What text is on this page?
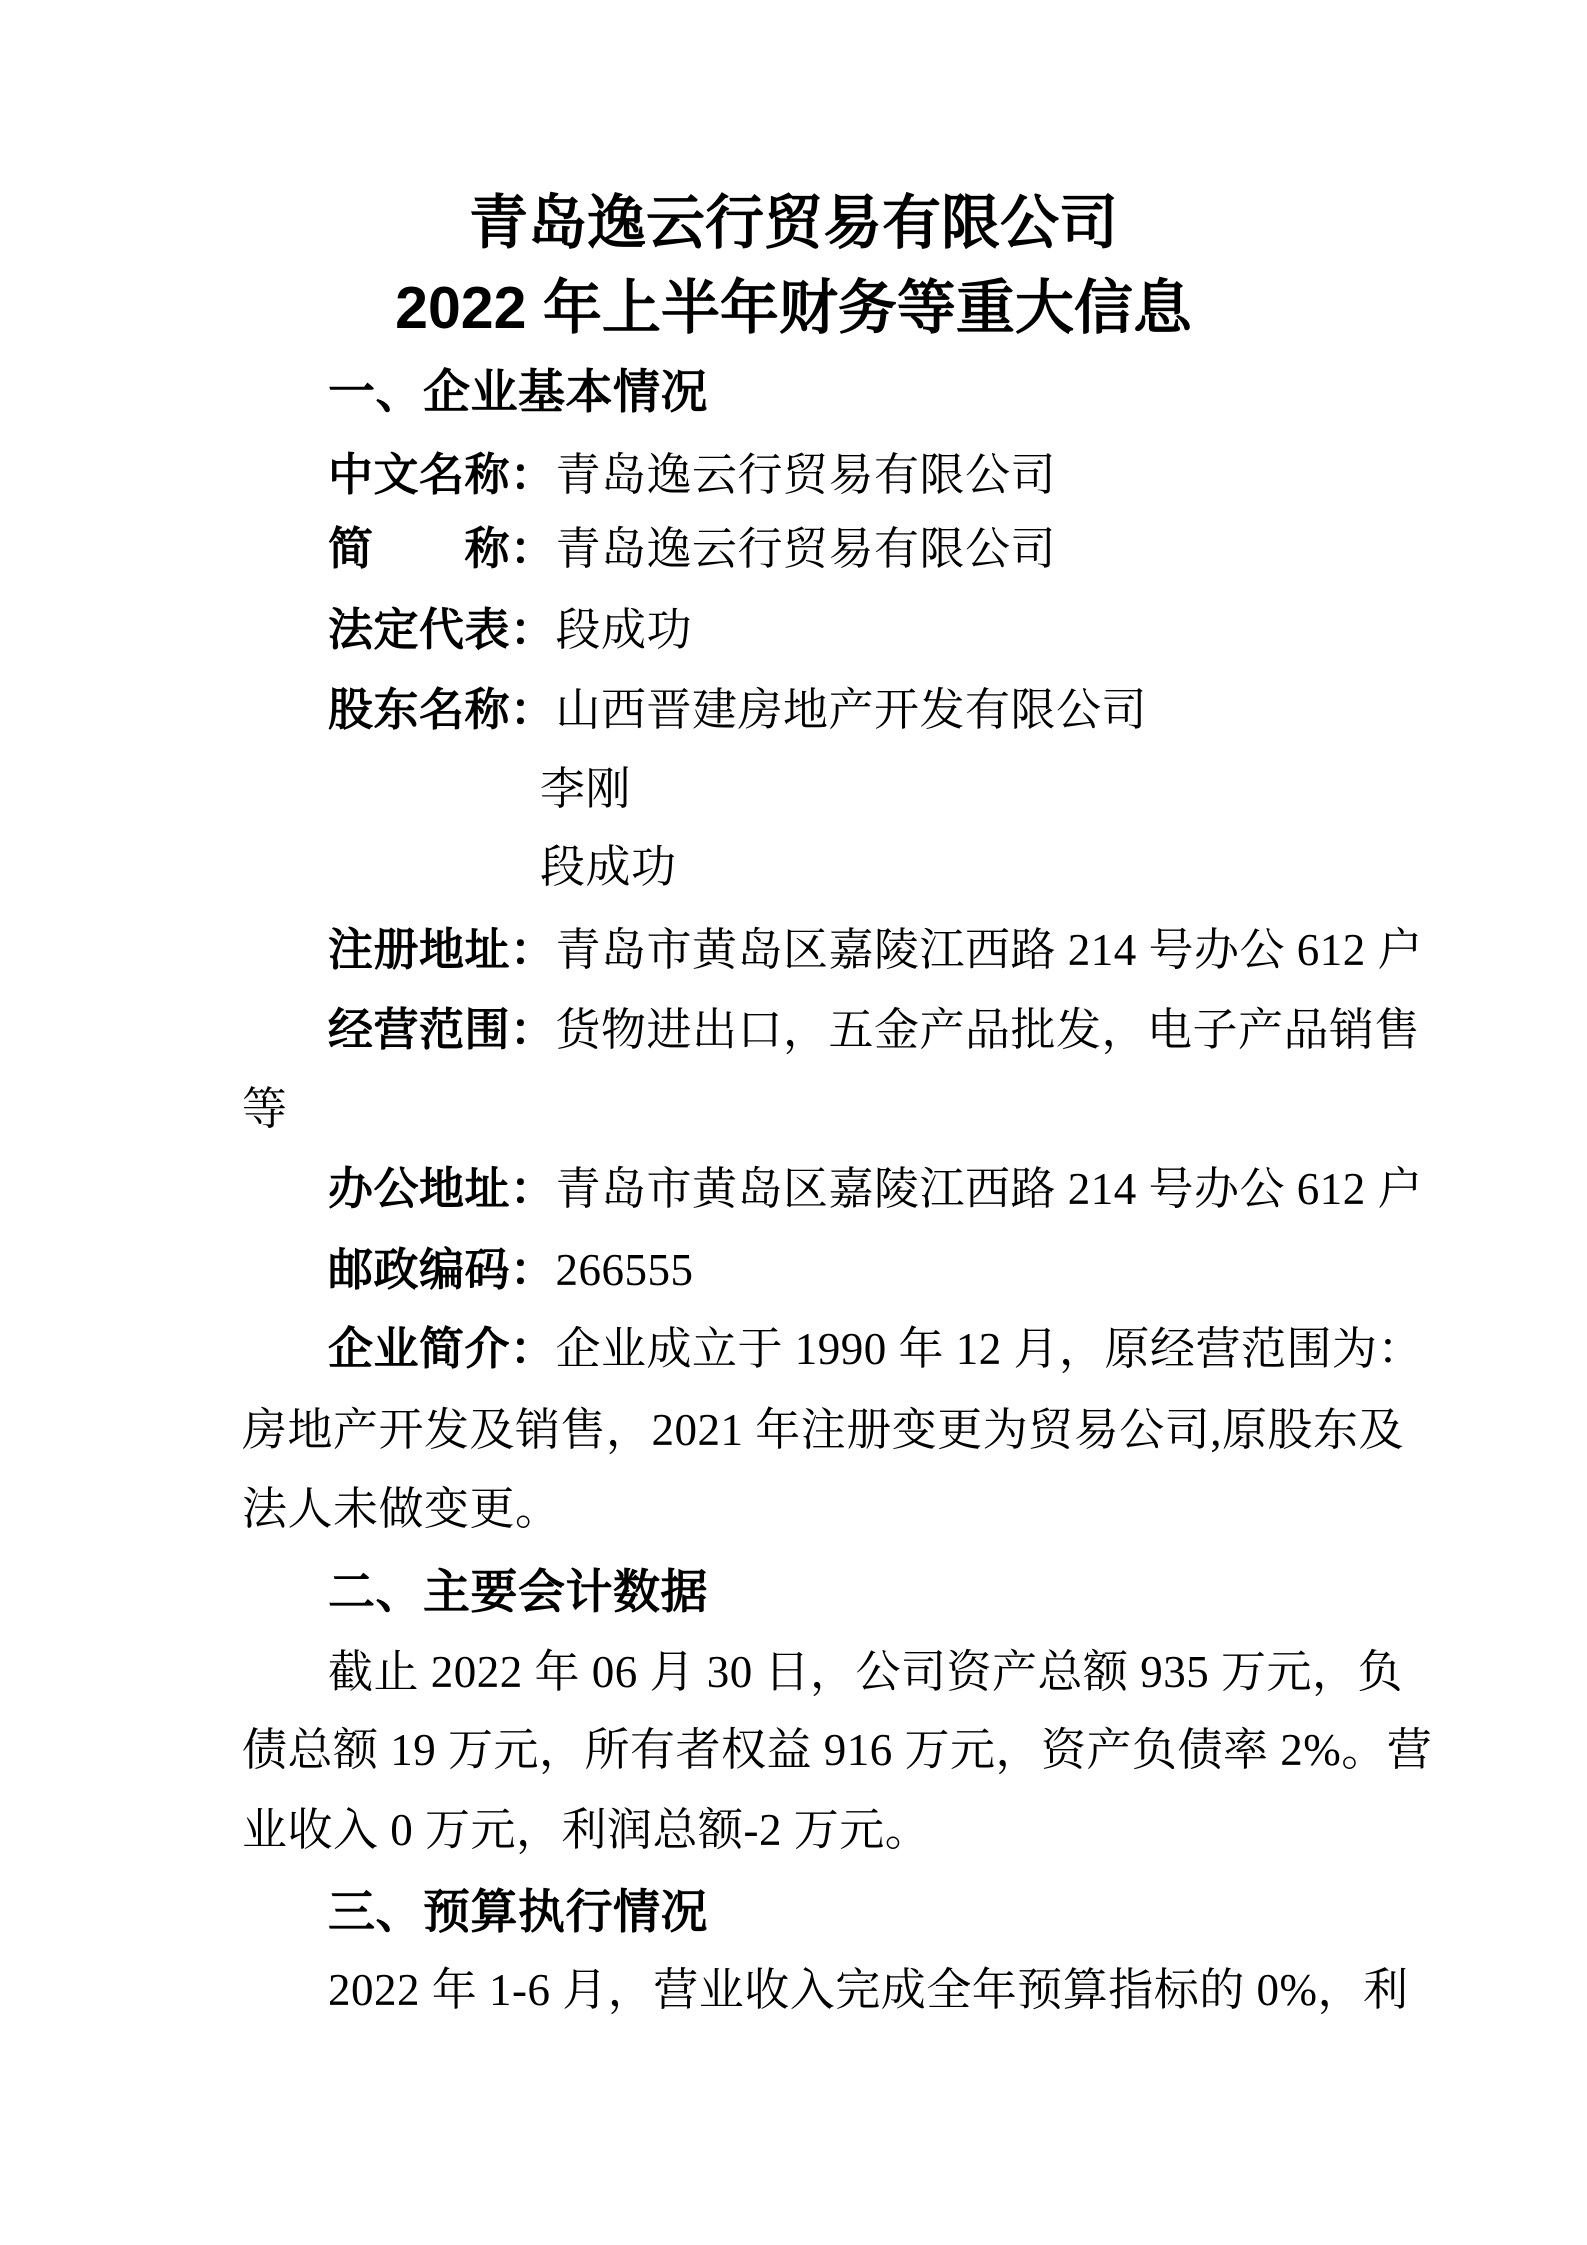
青岛逸云行贸易有限公司
2022 年上半年财务等重大信息
一、企业基本情况
中文名称：青岛逸云行贸易有限公司
简　　称：青岛逸云行贸易有限公司
法定代表：段成功
股东名称：山西晋建房地产开发有限公司
李刚
段成功
注册地址：青岛市黄岛区嘉陵江西路 214 号办公 612 户
经营范围：货物进出口，五金产品批发，电子产品销售
等
办公地址：青岛市黄岛区嘉陵江西路 214 号办公 612 户
邮政编码：266555
企业简介：企业成立于 1990 年 12 月，原经营范围为：
房地产开发及销售，2021 年注册变更为贸易公司,原股东及
法人未做变更。
二、主要会计数据
截止 2022 年 06 月 30 日，公司资产总额 935 万元，负
债总额 19 万元，所有者权益 916 万元，资产负债率 2%。营
业收入 0 万元，利润总额-2 万元。
三、预算执行情况
2022 年 1-6 月，营业收入完成全年预算指标的 0%，利
